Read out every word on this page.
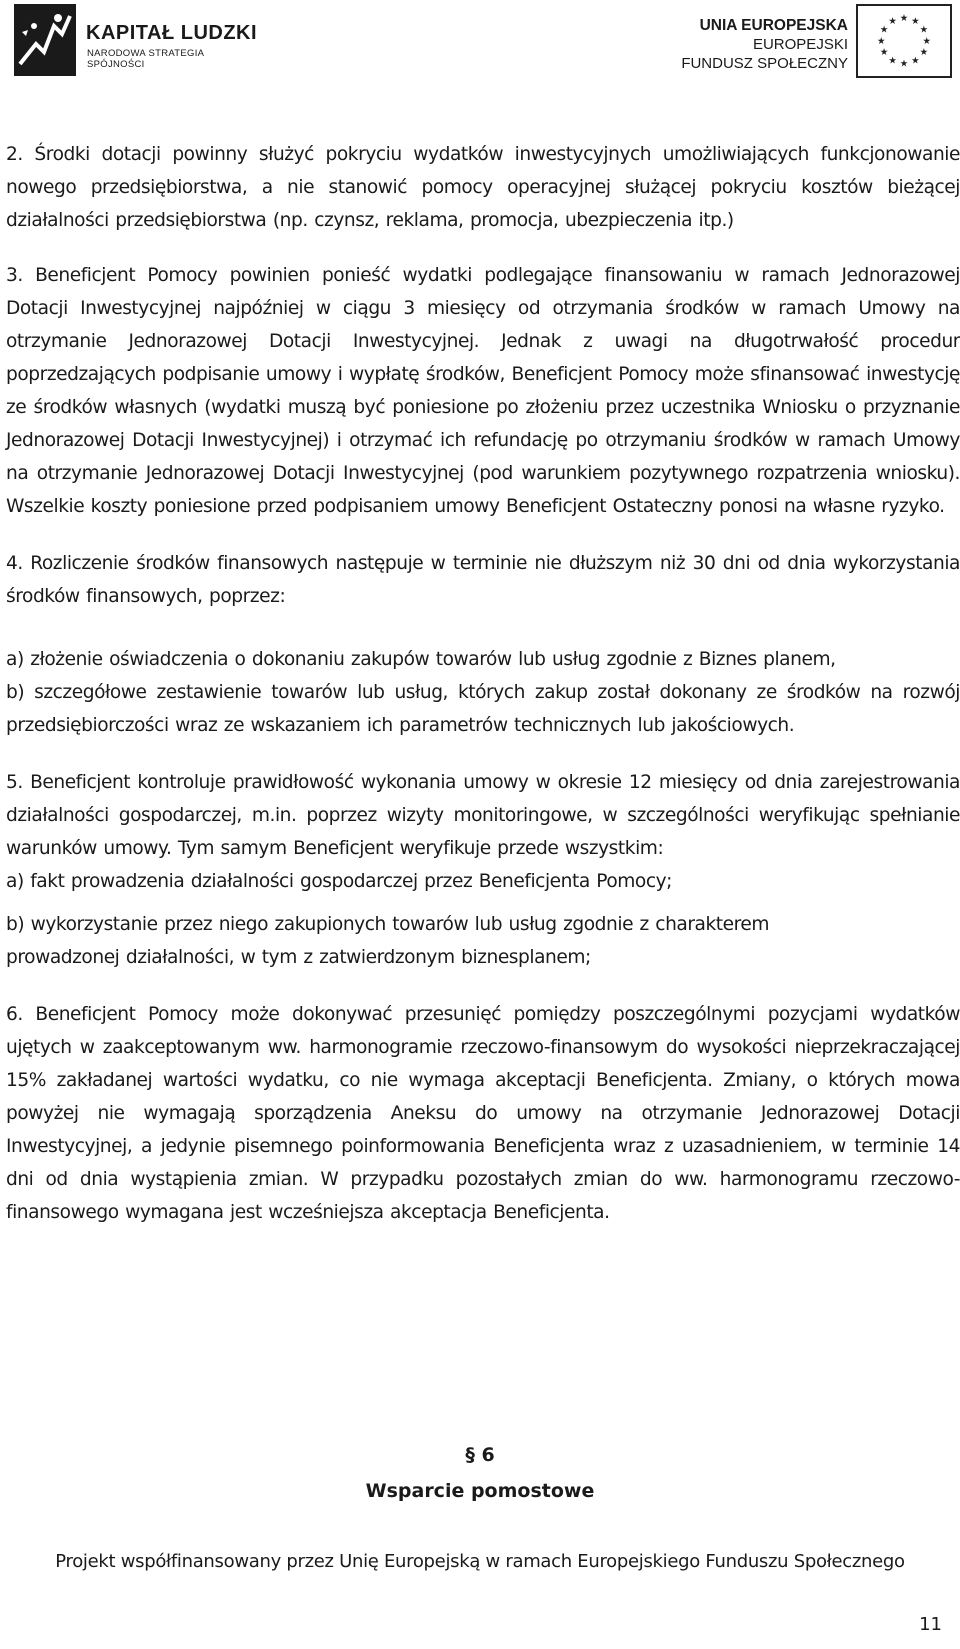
KAPITAŁ LUDZKI
NARODOWA STRATEGIA SPÓJNOŚCI
UNIA EUROPEJSKA
EUROPEJSKI
FUNDUSZ SPOŁECZNY
★ ★
★
★
★
★
★
★
★
★
★
★

2. Środki dotacji powinny służyć pokryciu wydatków inwestycyjnych umożliwiających funkcjonowanie nowego przedsiębiorstwa, a nie stanowić pomocy operacyjnej służącej pokryciu kosztów bieżącej działalności przedsiębiorstwa (np. czynsz, reklama, promocja, ubezpieczenia itp.)

3. Beneficjent Pomocy powinien ponieść wydatki podlegające finansowaniu w ramach Jednorazowej Dotacji Inwestycyjnej najpóźniej w ciągu 3 miesięcy od otrzymania środków w ramach Umowy na otrzymanie Jednorazowej Dotacji Inwestycyjnej. Jednak z uwagi na długotrwałość procedur poprzedzających podpisanie umowy i wypłatę środków, Beneficjent Pomocy może sfinansować inwestycję ze środków własnych (wydatki muszą być poniesione po złożeniu przez uczestnika Wniosku o przyznanie Jednorazowej Dotacji Inwestycyjnej) i otrzymać ich refundację po otrzymaniu środków w ramach Umowy na otrzymanie Jednorazowej Dotacji Inwestycyjnej (pod warunkiem pozytywnego rozpatrzenia wniosku). Wszelkie koszty poniesione przed podpisaniem umowy Beneficjent Ostateczny ponosi na własne ryzyko.

4. Rozliczenie środków finansowych następuje w terminie nie dłuższym niż 30 dni od dnia wykorzystania środków finansowych, poprzez:

a) złożenie oświadczenia o dokonaniu zakupów towarów lub usług zgodnie z Biznes planem,

b) szczegółowe zestawienie towarów lub usług, których zakup został dokonany ze środków na rozwój przedsiębiorczości wraz ze wskazaniem ich parametrów technicznych lub jakościowych.

5. Beneficjent kontroluje prawidłowość wykonania umowy w okresie 12 miesięcy od dnia zarejestrowania działalności gospodarczej, m.in. poprzez wizyty monitoringowe, w szczególności weryfikując spełnianie warunków umowy. Tym samym Beneficjent weryfikuje przede wszystkim:

a) fakt prowadzenia działalności gospodarczej przez Beneficjenta Pomocy;

b) wykorzystanie przez niego zakupionych towarów lub usług zgodnie z charakterem

prowadzonej działalności, w tym z zatwierdzonym biznesplanem;

6. Beneficjent Pomocy może dokonywać przesunięć pomiędzy poszczególnymi pozycjami wydatków ujętych w zaakceptowanym ww. harmonogramie rzeczowo-finansowym do wysokości nieprzekraczającej 15% zakładanej wartości wydatku, co nie wymaga akceptacji Beneficjenta. Zmiany, o których mowa powyżej nie wymagają sporządzenia Aneksu do umowy na otrzymanie Jednorazowej Dotacji Inwestycyjnej, a jedynie pisemnego poinformowania Beneficjenta wraz z uzasadnieniem, w terminie 14 dni od dnia wystąpienia zmian. W przypadku pozostałych zmian do ww. harmonogramu rzeczowo-finansowego wymagana jest wcześniejsza akceptacja Beneficjenta.

§ 6
Wsparcie pomostowe
Projekt współfinansowany przez Unię Europejską w ramach Europejskiego Funduszu Społecznego
11
